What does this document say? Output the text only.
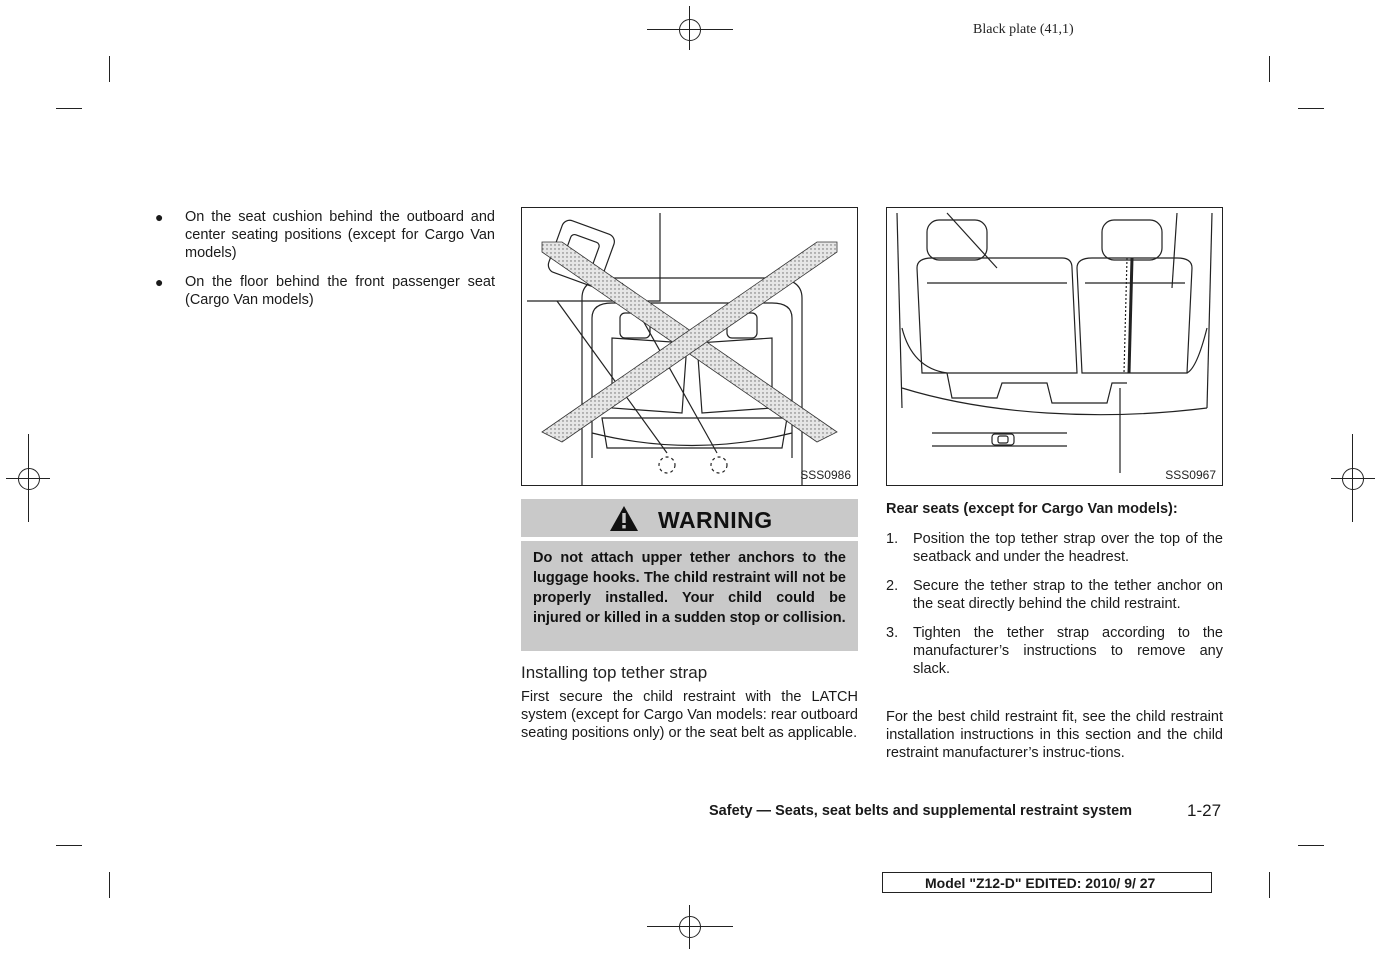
Black plate (41,1)
● On the seat cushion behind the outboard and center seating positions (except for Cargo Van models)
● On the floor behind the front passenger seat (Cargo Van models)
SSS0986	SSS0967
WARNING

Do not attach upper tether anchors to the luggage hooks. The child restraint will not be properly installed. Your child could be injured or killed in a sudden stop or collision.

Installing top tether strap
First secure the child restraint with the LATCH system (except for Cargo Van models: rear outboard seating positions only) or the seat belt as applicable.
Rear seats (except for Cargo Van models):
1. Position the top tether strap over the top of the seatback and under the headrest.
2. Secure the tether strap to the tether anchor on the seat directly behind the child restraint.
3. Tighten the tether strap according to the manufacturer’s instructions to remove any slack.
For the best child restraint fit, see the child restraint installation instructions in this section and the child restraint manufacturer’s instruc-tions.
Safety — Seats, seat belts and supplemental restraint system	1-27
Model "Z12-D" EDITED: 2010/ 9/ 27
